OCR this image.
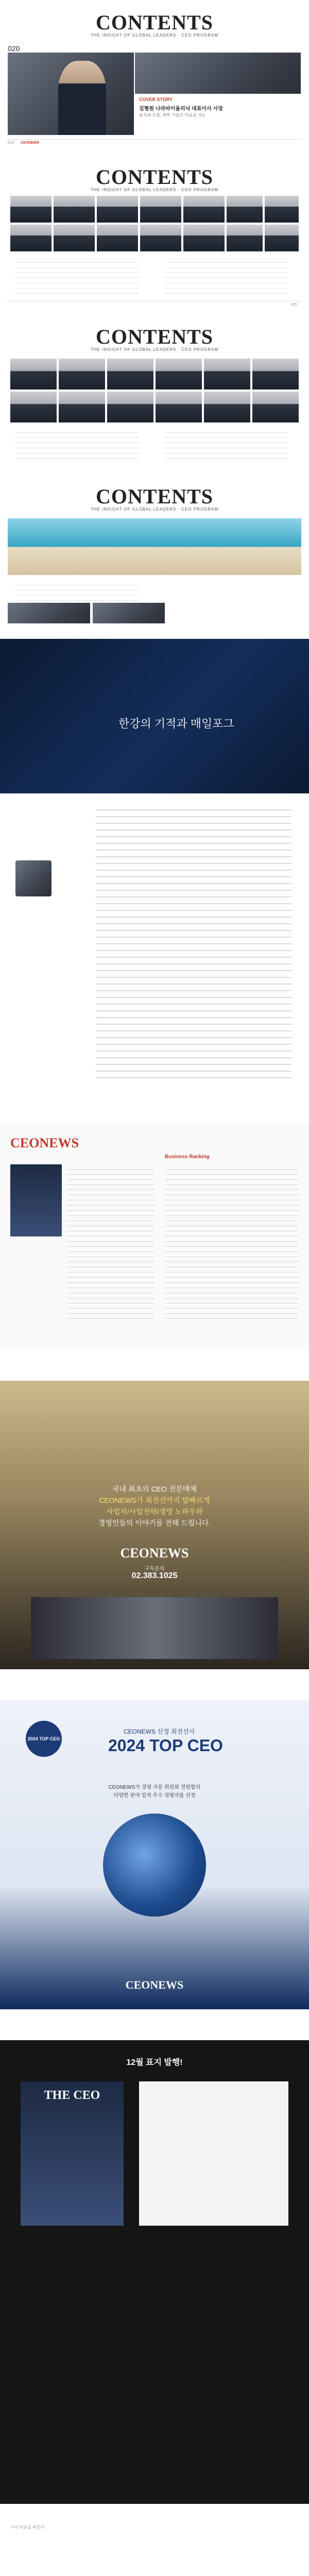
CONTENTS
THE INSIGHT OF GLOBAL LEADERS · CEO PROGRAM
020
COVER STORY
김형원 나라바이올리닉 대표이사 사장
음식과 오감, 과학 기술로 마음을 겨눈
014 CEONEWS
CONTENTS
THE INSIGHT OF GLOBAL LEADERS · CEO PROGRAM
015
CONTENTS
THE INSIGHT OF GLOBAL LEADERS · CEO PROGRAM
CONTENTS
THE INSIGHT OF GLOBAL LEADERS · CEO PROGRAM
한강의 기적과 매일포그
CEONEWS
Business Ranking
국내 최초의 CEO 전문매체
CEONEWS가 최전선까지 발빠르게
사업자/사업전략/경영 노하우와
경영인들의 이야기를 전해 드립니다.
CEONEWS
구독문의
02.383.1025
2024 TOP CEO
CEONEWS 선정 최전선사
2024 TOP CEO
CEONEWS가 경영 자문 위원회 전원합의
다양한 분야 업적 우수 경영자를 선정
CEONEWS
12월 표지 발행!
THE CEO
구국 마음을 바꾼다
